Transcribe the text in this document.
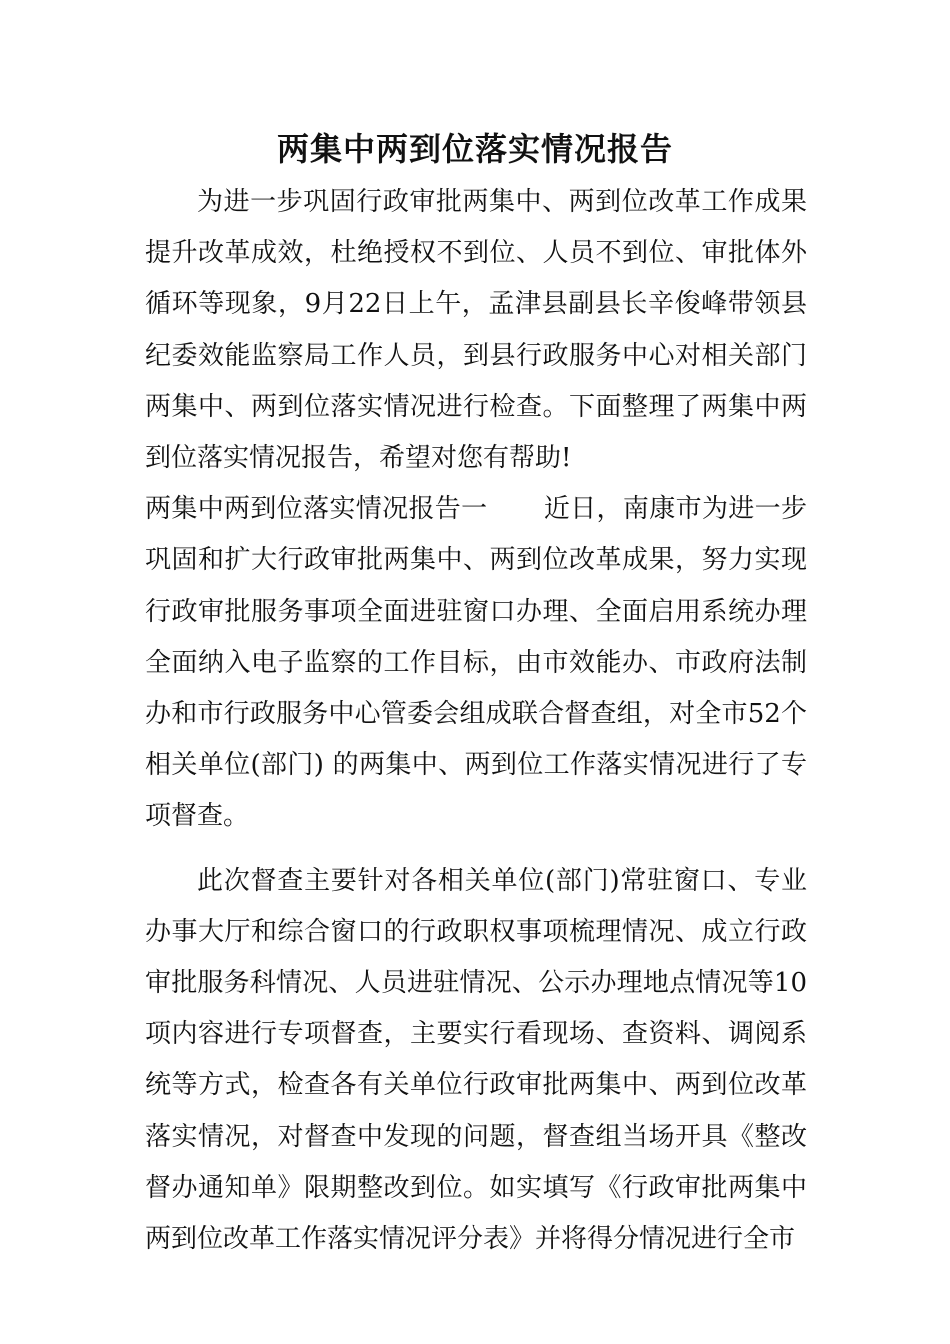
两集中两到位落实情况报告

为进一步巩固行政审批两集中、两到位改革工作成果提升改革成效，杜绝授权不到位、人员不到位、审批体外循环等现象，9月22日上午，孟津县副县长辛俊峰带领县纪委效能监察局工作人员，到县行政服务中心对相关部门两集中、两到位落实情况进行检查。下面整理了两集中两到位落实情况报告，希望对您有帮助!

两集中两到位落实情况报告一 近日，南康市为进一步巩固和扩大行政审批两集中、两到位改革成果，努力实现行政审批服务事项全面进驻窗口办理、全面启用系统办理全面纳入电子监察的工作目标，由市效能办、市政府法制办和市行政服务中心管委会组成联合督查组，对全市52个相关单位(部门) 的两集中、两到位工作落实情况进行了专项督查。

此次督查主要针对各相关单位(部门)常驻窗口、专业办事大厅和综合窗口的行政职权事项梳理情况、成立行政审批服务科情况、人员进驻情况、公示办理地点情况等10项内容进行专项督查，主要实行看现场、查资料、调阅系统等方式，检查各有关单位行政审批两集中、两到位改革落实情况，对督查中发现的问题，督查组当场开具《整改督办通知单》限期整改到位。如实填写《行政审批两集中两到位改革工作落实情况评分表》并将得分情况进行全市
